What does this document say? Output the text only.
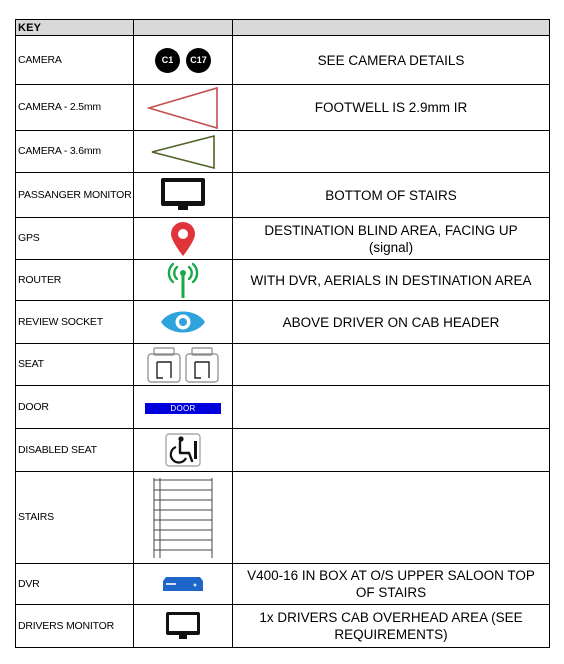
KEY		
CAMERA	C1 C17	SEE CAMERA DETAILS
CAMERA - 2.5mm		FOOTWELL IS 2.9mm IR
CAMERA - 3.6mm		
PASSANGER MONITOR		BOTTOM OF STAIRS
GPS		DESTINATION BLIND AREA, FACING UP (signal)
ROUTER		WITH DVR, AERIALS IN DESTINATION AREA
REVIEW SOCKET		ABOVE DRIVER ON CAB HEADER
SEAT		
DOOR	DOOR	
DISABLED SEAT		
STAIRS		
DVR		V400-16 IN BOX AT O/S UPPER SALOON TOP OF STAIRS
DRIVERS MONITOR		1x DRIVERS CAB OVERHEAD AREA (SEE REQUIREMENTS)
